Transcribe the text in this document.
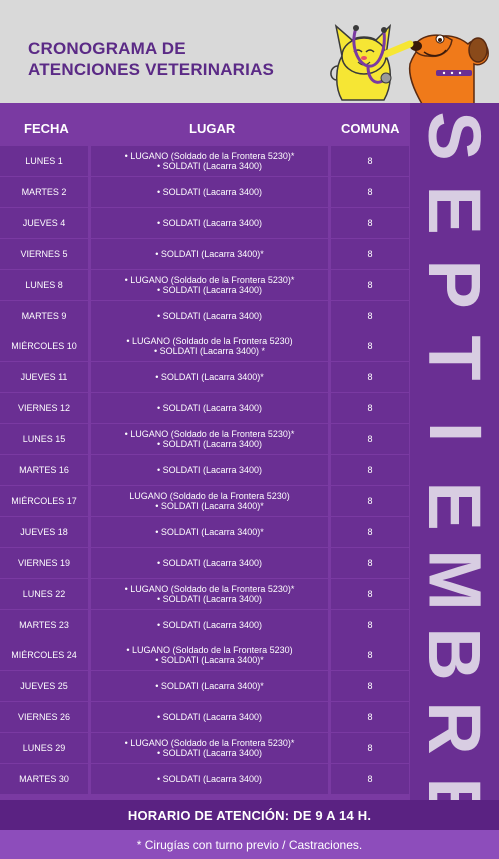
CRONOGRAMA DE
ATENCIONES VETERINARIAS
FECHA	LUGAR	COMUNA
LUNES 1	• LUGANO (Soldado de la Frontera 5230)*
• SOLDATI (Lacarra 3400)	8
MARTES 2	• SOLDATI (Lacarra 3400)	8
JUEVES 4	• SOLDATI (Lacarra 3400)	8
VIERNES 5	• SOLDATI (Lacarra 3400)*	8
LUNES 8	• LUGANO (Soldado de la Frontera 5230)*
• SOLDATI (Lacarra 3400)	8
MARTES 9	• SOLDATI (Lacarra 3400)	8
MIÉRCOLES 10	• LUGANO (Soldado de la Frontera 5230)
• SOLDATI (Lacarra 3400) *	8
JUEVES 11	• SOLDATI (Lacarra 3400)*	8
VIERNES 12	• SOLDATI (Lacarra 3400)	8
LUNES 15	• LUGANO (Soldado de la Frontera 5230)*
• SOLDATI (Lacarra 3400)	8
MARTES 16	• SOLDATI (Lacarra 3400)	8
MIÉRCOLES 17	LUGANO (Soldado de la Frontera 5230)
• SOLDATI (Lacarra 3400)*	8
JUEVES 18	• SOLDATI (Lacarra 3400)*	8
VIERNES 19	• SOLDATI (Lacarra 3400)	8
LUNES 22	• LUGANO (Soldado de la Frontera 5230)*
• SOLDATI (Lacarra 3400)	8
MARTES 23	• SOLDATI (Lacarra 3400)	8
MIÉRCOLES 24	• LUGANO (Soldado de la Frontera 5230)
• SOLDATI (Lacarra 3400)*	8
JUEVES 25	• SOLDATI (Lacarra 3400)*	8
VIERNES 26	• SOLDATI (Lacarra 3400)	8
LUNES 29	• LUGANO (Soldado de la Frontera 5230)*
• SOLDATI (Lacarra 3400)	8
MARTES 30	• SOLDATI (Lacarra 3400)	8
S
E
P
T
I
E
M
B
R
HORARIO DE ATENCIÓN: DE 9 A 14 H.
* Cirugías con turno previo / Castraciones.
